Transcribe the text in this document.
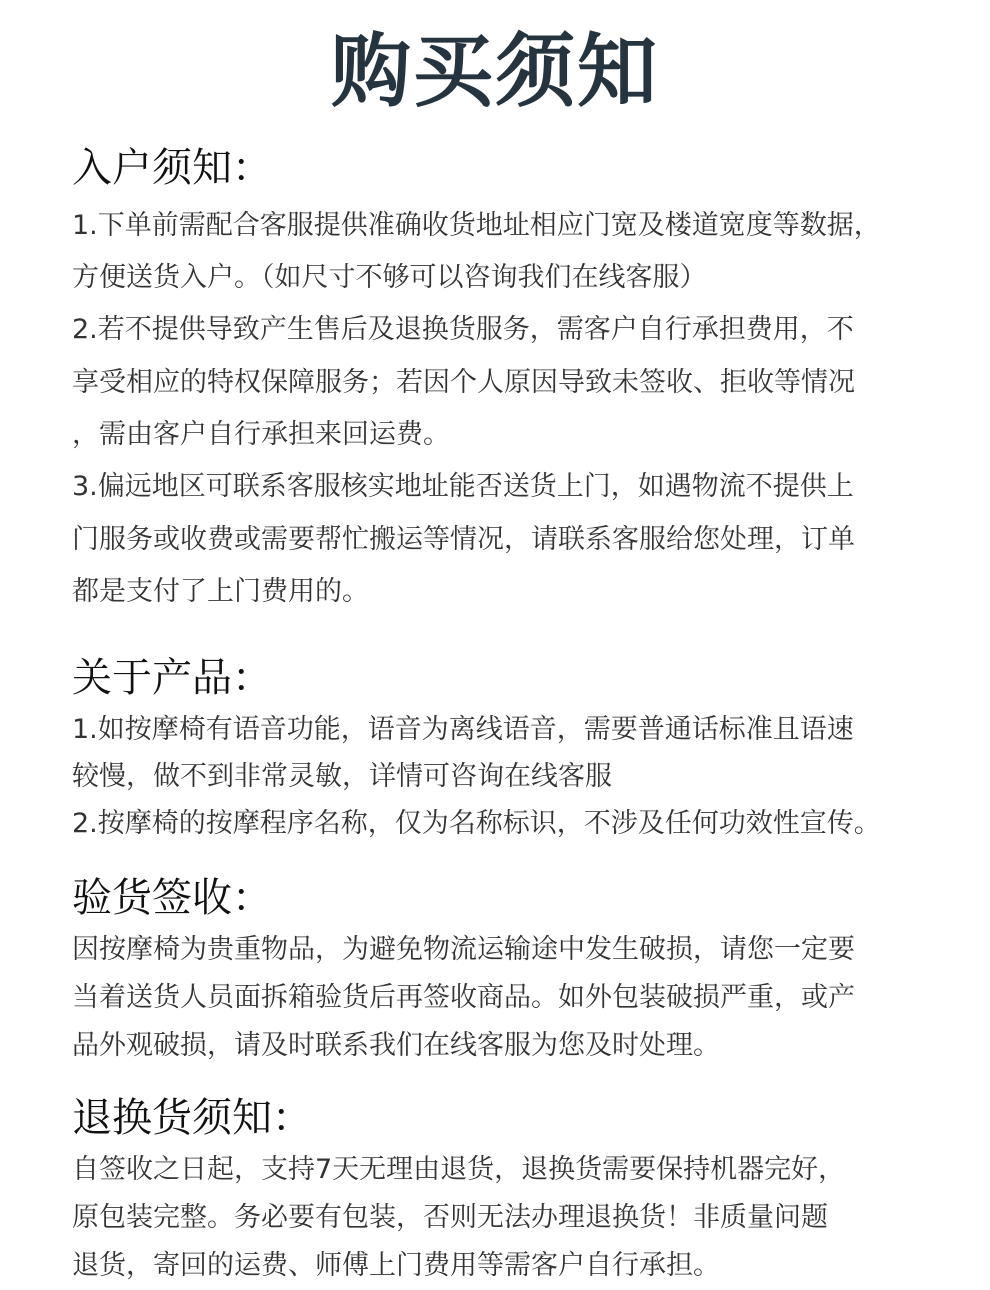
购买须知
入户须知：

1.下单前需配合客服提供准确收货地址相应门宽及楼道宽度等数据，
方便送货入户。（如尺寸不够可以咨询我们在线客服）

2.若不提供导致产生售后及退换货服务，需客户自行承担费用，不
享受相应的特权保障服务；若因个人原因导致未签收、拒收等情况
，需由客户自行承担来回运费。

3.偏远地区可联系客服核实地址能否送货上门，如遇物流不提供上
门服务或收费或需要帮忙搬运等情况，请联系客服给您处理，订单
都是支付了上门费用的。

关于产品：

1.如按摩椅有语音功能，语音为离线语音，需要普通话标准且语速
较慢，做不到非常灵敏，详情可咨询在线客服

2.按摩椅的按摩程序名称，仅为名称标识，不涉及任何功效性宣传。

验货签收：

因按摩椅为贵重物品，为避免物流运输途中发生破损，请您一定要
当着送货人员面拆箱验货后再签收商品。如外包装破损严重，或产
品外观破损，请及时联系我们在线客服为您及时处理。

退换货须知：

自签收之日起，支持7天无理由退货，退换货需要保持机器完好，
原包装完整。务必要有包装，否则无法办理退换货！非质量问题
退货，寄回的运费、师傅上门费用等需客户自行承担。
